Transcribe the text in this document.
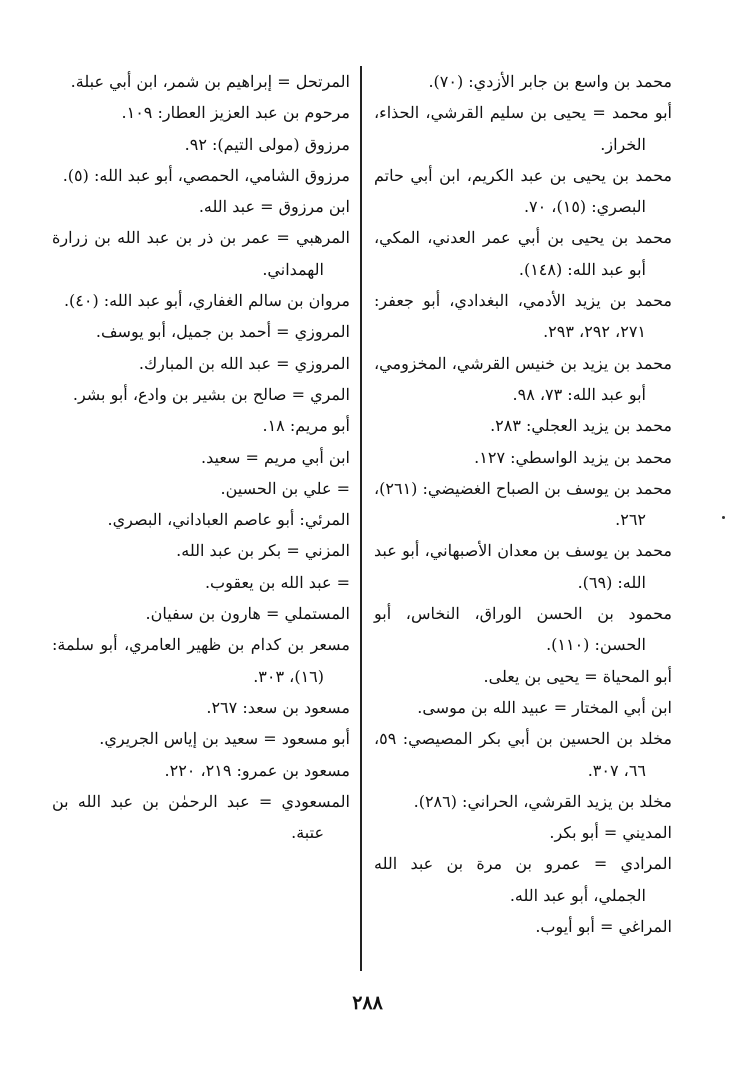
محمد بن واسع بن جابر الأزدي: (٧٠).
أبو محمد = يحيى بن سليم القرشي، الحذاء، الخراز.
محمد بن يحيى بن عبد الكريم، ابن أبي حاتم البصري: (١٥)، ٧٠.
محمد بن يحيى بن أبي عمر العدني، المكي، أبو عبد الله: (١٤٨).
محمد بن يزيد الأدمي، البغدادي، أبو جعفر: ٢٧١، ٢٩٢، ٢٩٣.
محمد بن يزيد بن خنيس القرشي، المخزومي، أبو عبد الله: ٧٣، ٩٨.
محمد بن يزيد العجلي: ٢٨٣.
محمد بن يزيد الواسطي: ١٢٧.
محمد بن يوسف بن الصباح الغضيضي: (٢٦١)، ٢٦٢.
محمد بن يوسف بن معدان الأصبهاني، أبو عبد الله: (٦٩).
محمود بن الحسن الوراق، النخاس، أبو الحسن: (١١٠).
أبو المحياة = يحيى بن يعلى.
ابن أبي المختار = عبيد الله بن موسى.
مخلد بن الحسين بن أبي بكر المصيصي: ٥٩، ٦٦، ٣٠٧.
مخلد بن يزيد القرشي، الحراني: (٢٨٦).
المديني = أبو بكر.
المرادي = عمرو بن مرة بن عبد الله الجملي، أبو عبد الله.
المراغي = أبو أيوب.
المرتحل = إبراهيم بن شمر، ابن أبي عبلة.
مرحوم بن عبد العزيز العطار: ١٠٩.
مرزوق (مولى التيم): ٩٢.
مرزوق الشامي، الحمصي، أبو عبد الله: (٥).
ابن مرزوق = عبد الله.
المرهبي = عمر بن ذر بن عبد الله بن زرارة الهمداني.
مروان بن سالم الغفاري، أبو عبد الله: (٤٠).
المروزي = أحمد بن جميل، أبو يوسف.
المروزي = عبد الله بن المبارك.
المري = صالح بن بشير بن وادع، أبو بشر.
أبو مريم: ١٨.
ابن أبي مريم = سعيد.
= علي بن الحسين.
المرئي: أبو عاصم العباداني، البصري.
المزني = بكر بن عبد الله.
= عبد الله بن يعقوب.
المستملي = هارون بن سفيان.
مسعر بن كدام بن ظهير العامري، أبو سلمة: (١٦)، ٣٠٣.
مسعود بن سعد: ٢٦٧.
أبو مسعود = سعيد بن إياس الجريري.
مسعود بن عمرو: ٢١٩، ٢٢٠.
المسعودي = عبد الرحمٰن بن عبد الله بن عتبة.
٢٨٨
